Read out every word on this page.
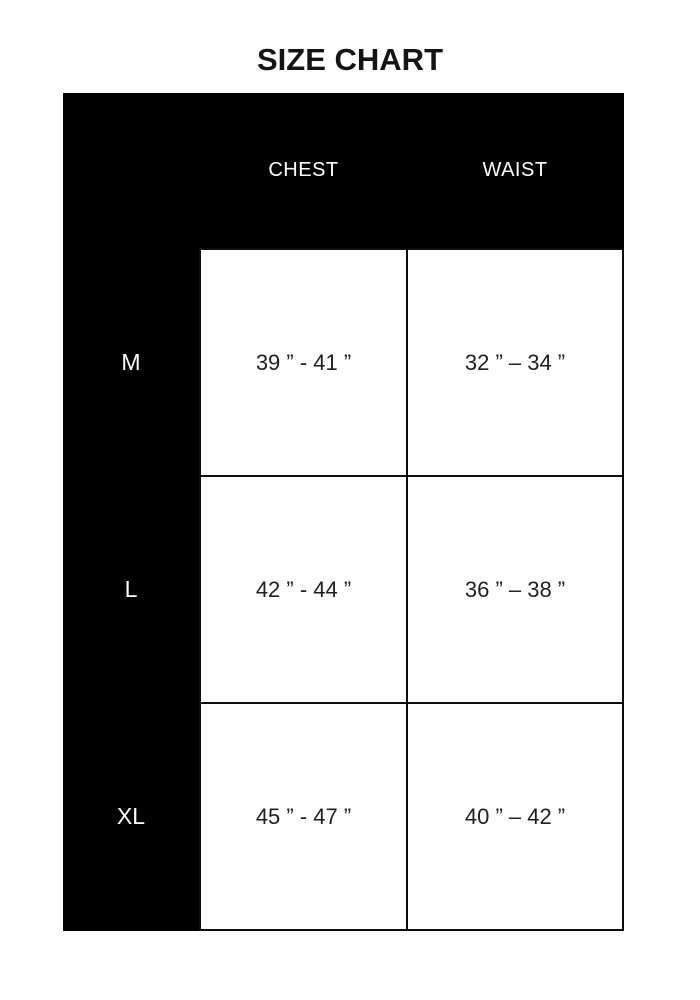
SIZE CHART
	CHEST	WAIST
M	39 ” - 41 ”	32 ” – 34 ”
L	42 ” - 44 ”	36 ” – 38 ”
XL	45 ” - 47 ”	40 ” – 42 ”
